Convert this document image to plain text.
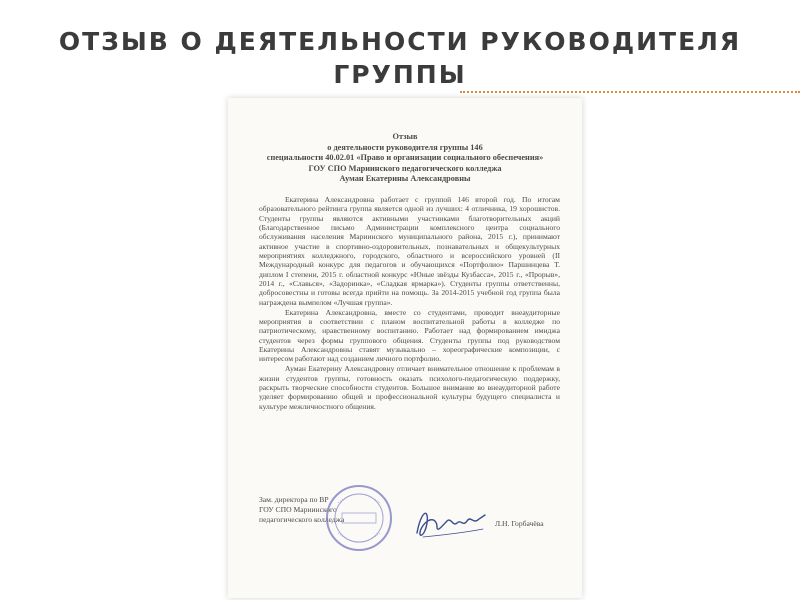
ОТЗЫВ О ДЕЯТЕЛЬНОСТИ РУКОВОДИТЕЛЯ
ГРУППЫ
Отзыв
о деятельности руководителя группы 146
специальности 40.02.01 «Право и организации социального обеспечения»
ГОУ СПО Мариинского педагогического колледжа
Ауман Екатерины Александровны

Екатерина Александровна работает с группой 146 второй год. По итогам образовательного рейтинга группа является одной из лучших: 4 отличника, 19 хорошистов. Студенты группы являются активными участниками благотворительных акций (Благодарственное письмо Администрации комплексного центра социального обслуживания населения Мариинского муниципального района, 2015 г.), принимают активное участие в спортивно-оздоровительных, познавательных и общекультурных мероприятиях колледжного, городского, областного и всероссийского уровней (II Международный конкурс для педагогов и обучающихся «Портфолио» Паршинцева Т. диплом I степени, 2015 г. областной конкурс «Юные звёзды Кузбасса», 2015 г., «Прорыв», 2014 г., «Славься», «Задоринка», «Сладкая ярмарка»). Студенты группы ответственны, добросовестны и готовы всегда прийти на помощь. За 2014-2015 учебной год группа была награждена вымпелом «Лучшая группа».

Екатерина Александровна, вместе со студентами, проводит внеаудиторные мероприятия в соответствии с планом воспитательной работы в колледже по патриотическому, нравственному воспитанию. Работает над формированием имиджа студентов через формы группового общения. Студенты группы под руководством Екатерины Александровны ставят музыкально – хореографические композиции, с интересом работают над созданием личного портфолио.

Ауман Екатерину Александровну отличает внимательное отношение к проблемам в жизни студентов группы, готовность оказать психолого-педагогическую поддержку, раскрыть творческие способности студентов. Большое внимание во внеаудиторной работе уделяет формированию общей и профессиональной культуры будущего специалиста и культуре межличностного общения.

Зам. директора по ВР
ГОУ СПО Мариинского
педагогического колледжа	Л.Н. Горбачёва
